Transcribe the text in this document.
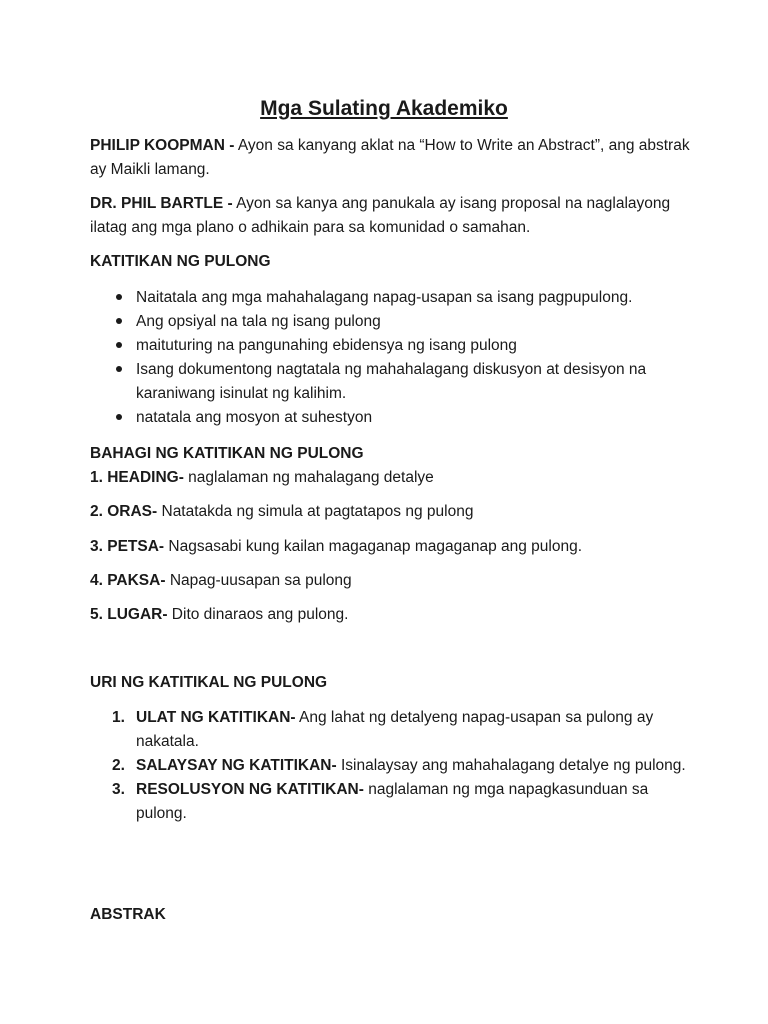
Mga Sulating Akademiko

PHILIP KOOPMAN - Ayon sa kanyang aklat na “How to Write an Abstract”, ang abstrak ay Maikli lamang.

DR. PHIL BARTLE - Ayon sa kanya ang panukala ay isang proposal na naglalayong ilatag ang mga plano o adhikain para sa komunidad o samahan.

KATITIKAN NG PULONG

Naitatala ang mga mahahalagang napag-usapan sa isang pagpupulong.
Ang opsiyal na tala ng isang pulong
maituturing na pangunahing ebidensya ng isang pulong
Isang dokumentong nagtatala ng mahahalagang diskusyon at desisyon na karaniwang isinulat ng kalihim.
natatala ang mosyon at suhestyon

BAHAGI NG KATITIKAN NG PULONG

1. HEADING- naglalaman ng mahalagang detalye

2. ORAS- Natatakda ng simula at pagtatapos ng pulong

3. PETSA- Nagsasabi kung kailan magaganap magaganap ang pulong.

4. PAKSA- Napag-uusapan sa pulong

5. LUGAR- Dito dinaraos ang pulong.

URI NG KATITIKAL NG PULONG

1. ULAT NG KATITIKAN- Ang lahat ng detalyeng napag-usapan sa pulong ay nakatala.
2. SALAYSAY NG KATITIKAN- Isinalaysay ang mahahalagang detalye ng pulong.
3. RESOLUSYON NG KATITIKAN- naglalaman ng mga napagkasunduan sa pulong.

ABSTRAK
